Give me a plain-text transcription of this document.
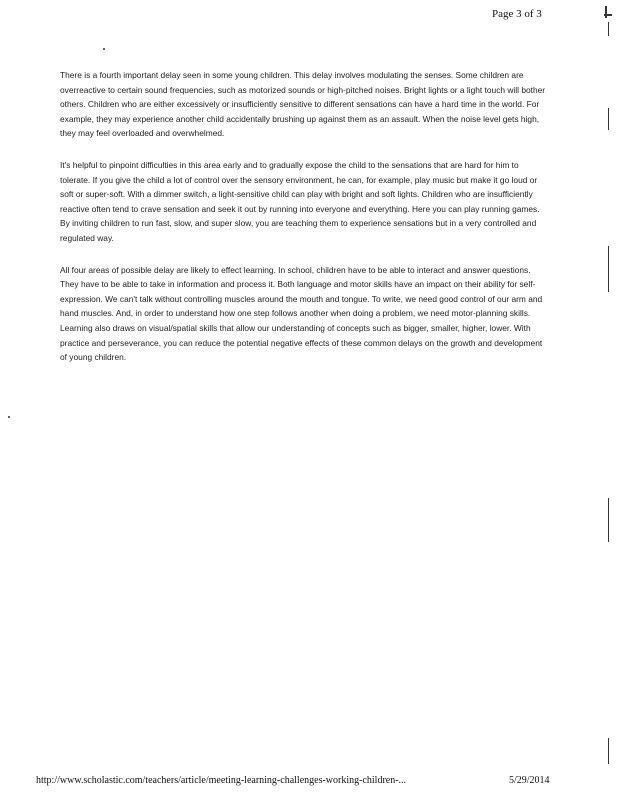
Page 3 of 3

There is a fourth important delay seen in some young children. This delay involves modulating the senses. Some children are overreactive to certain sound frequencies, such as motorized sounds or high-pitched noises. Bright lights or a light touch will bother others. Children who are either excessively or insufficiently sensitive to different sensations can have a hard time in the world. For example, they may experience another child accidentally brushing up against them as an assault. When the noise level gets high, they may feel overloaded and overwhelmed.

It's helpful to pinpoint difficulties in this area early and to gradually expose the child to the sensations that are hard for him to tolerate. If you give the child a lot of control over the sensory environment, he can, for example, play music but make it go loud or soft or super-soft. With a dimmer switch, a light-sensitive child can play with bright and soft lights. Children who are insufficiently reactive often tend to crave sensation and seek it out by running into everyone and everything. Here you can play running games. By inviting children to run fast, slow, and super slow, you are teaching them to experience sensations but in a very controlled and regulated way.

All four areas of possible delay are likely to effect learning. In school, children have to be able to interact and answer questions. They have to be able to take in information and process it. Both language and motor skills have an impact on their ability for self-expression. We can't talk without controlling muscles around the mouth and tongue. To write, we need good control of our arm and hand muscles. And, in order to understand how one step follows another when doing a problem, we need motor-planning skills. Learning also draws on visual/spatial skills that allow our understanding of concepts such as bigger, smaller, higher, lower. With practice and perseverance, you can reduce the potential negative effects of these common delays on the growth and development of young children.

http://www.scholastic.com/teachers/article/meeting-learning-challenges-working-children-...	5/29/2014
